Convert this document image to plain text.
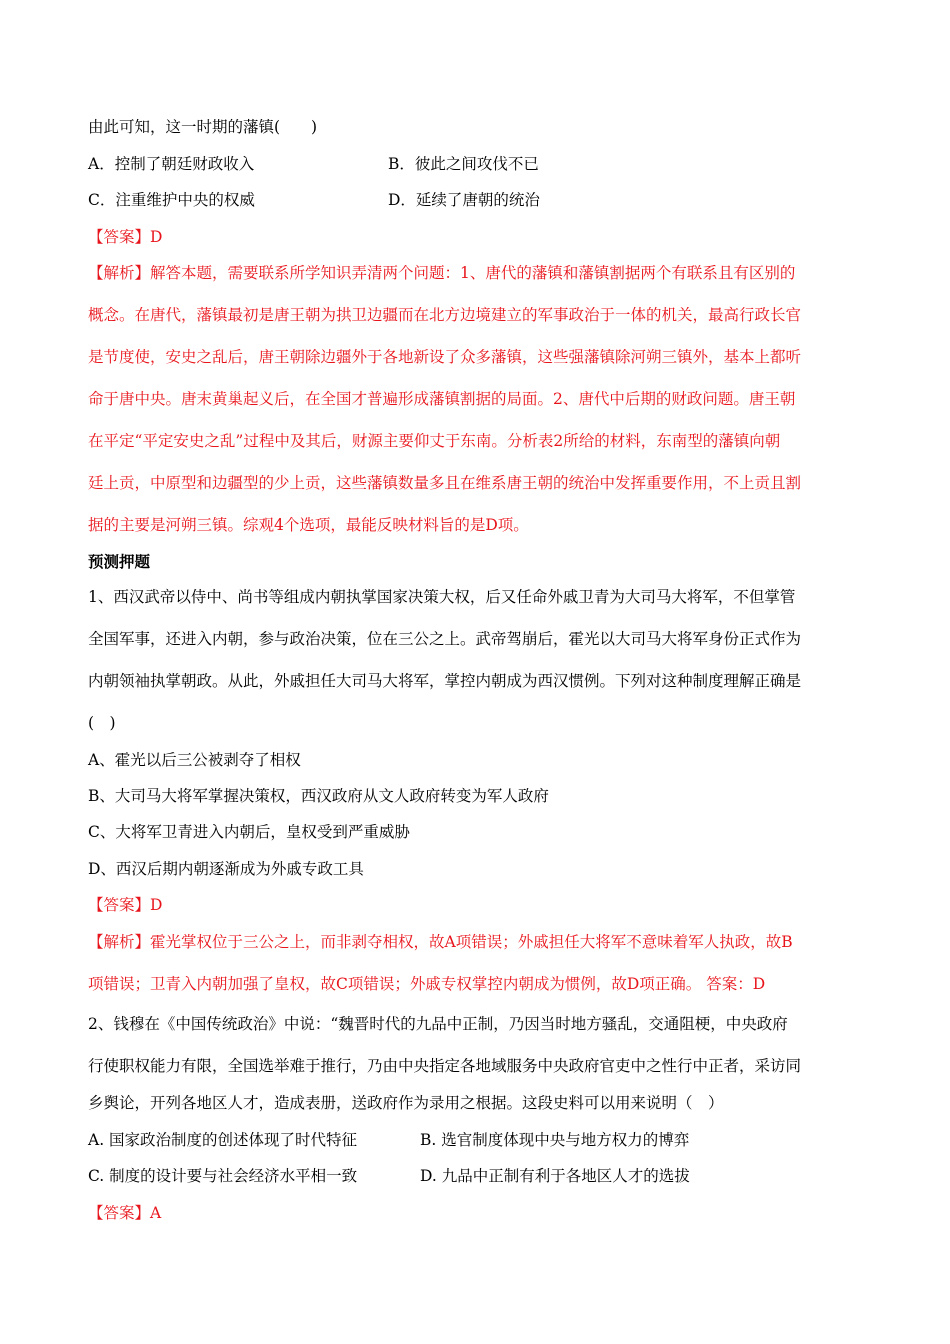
由此可知，这一时期的藩镇(　　)
A．控制了朝廷财政收入	B．彼此之间攻伐不已
C．注重维护中央的权威	D．延续了唐朝的统治
【答案】D
【解析】解答本题，需要联系所学知识弄清两个问题：1、唐代的藩镇和藩镇割据两个有联系且有区别的
概念。在唐代，藩镇最初是唐王朝为拱卫边疆而在北方边境建立的军事政治于一体的机关，最高行政长官
是节度使，安史之乱后，唐王朝除边疆外于各地新设了众多藩镇，这些强藩镇除河朔三镇外，基本上都听
命于唐中央。唐末黄巢起义后，在全国才普遍形成藩镇割据的局面。2、唐代中后期的财政问题。唐王朝
在平定“平定安史之乱”过程中及其后，财源主要仰丈于东南。分析表2所给的材料，东南型的藩镇向朝
廷上贡，中原型和边疆型的少上贡，这些藩镇数量多且在维系唐王朝的统治中发挥重要作用，不上贡且割
据的主要是河朔三镇。综观4个选项，最能反映材料旨的是D项。
预测押题
1、西汉武帝以侍中、尚书等组成内朝执掌国家决策大权，后又任命外戚卫青为大司马大将军，不但掌管
全国军事，还进入内朝，参与政治决策，位在三公之上。武帝驾崩后，霍光以大司马大将军身份正式作为
内朝领袖执掌朝政。从此，外戚担任大司马大将军，掌控内朝成为西汉惯例。下列对这种制度理解正确是
(　)
A、霍光以后三公被剥夺了相权
B、大司马大将军掌握决策权，西汉政府从文人政府转变为军人政府
C、大将军卫青进入内朝后，皇权受到严重威胁
D、西汉后期内朝逐渐成为外戚专政工具
【答案】D
【解析】霍光掌权位于三公之上，而非剥夺相权，故A项错误；外戚担任大将军不意味着军人执政，故B
项错误；卫青入内朝加强了皇权，故C项错误；外戚专权掌控内朝成为惯例，故D项正确。 答案：D
2、钱穆在《中国传统政治》中说：“魏晋时代的九品中正制，乃因当时地方骚乱，交通阻梗，中央政府
行使职权能力有限，全国选举难于推行，乃由中央指定各地域服务中央政府官吏中之性行中正者，采访同
乡舆论，开列各地区人才，造成表册，送政府作为录用之根据。这段史料可以用来说明（　）
A. 国家政治制度的创述体现了时代特征	B. 选官制度体现中央与地方权力的博弈
C. 制度的设计要与社会经济水平相一致	D. 九品中正制有利于各地区人才的选拔
【答案】A
